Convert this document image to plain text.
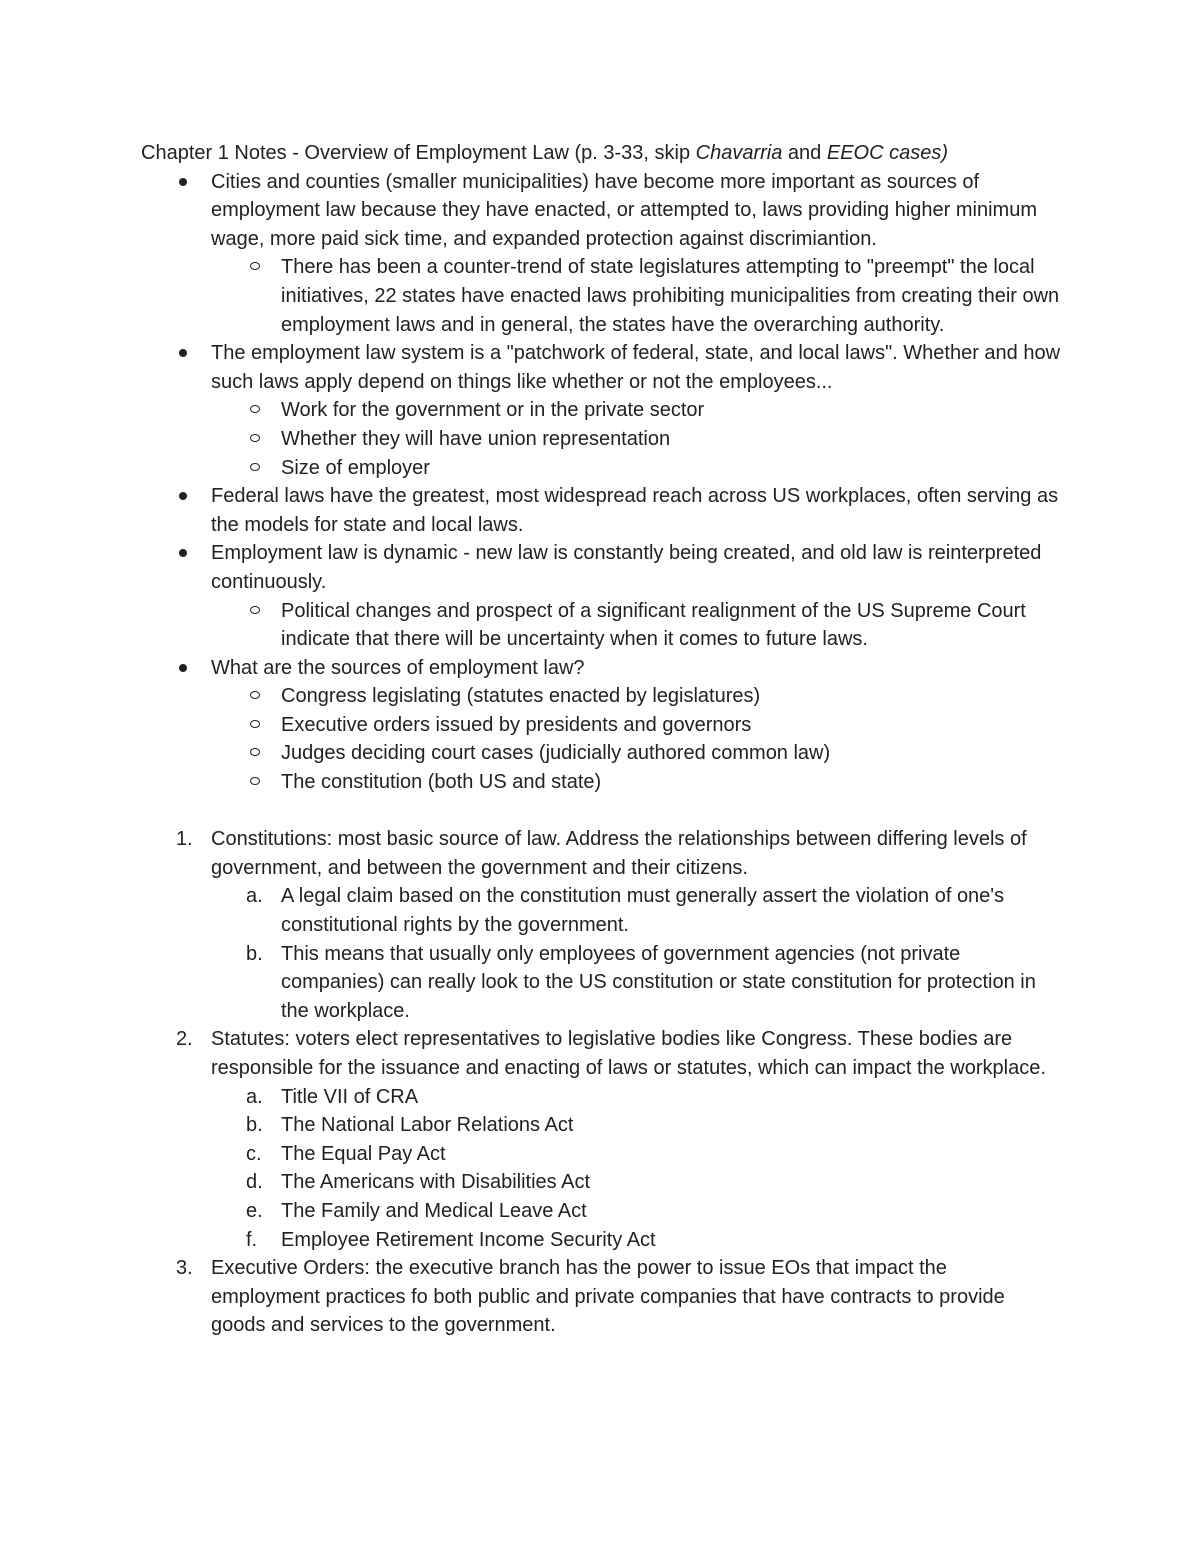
Chapter 1 Notes - Overview of Employment Law (p. 3-33, skip Chavarria and EEOC cases)

Cities and counties (smaller municipalities) have become more important as sources of employment law because they have enacted, or attempted to, laws providing higher minimum wage, more paid sick time, and expanded protection against discrimiantion.
There has been a counter-trend of state legislatures attempting to "preempt" the local initiatives, 22 states have enacted laws prohibiting municipalities from creating their own employment laws and in general, the states have the overarching authority.
The employment law system is a "patchwork of federal, state, and local laws". Whether and how such laws apply depend on things like whether or not the employees...
Work for the government or in the private sector
Whether they will have union representation
Size of employer
Federal laws have the greatest, most widespread reach across US workplaces, often serving as the models for state and local laws.
Employment law is dynamic - new law is constantly being created, and old law is reinterpreted continuously.
Political changes and prospect of a significant realignment of the US Supreme Court indicate that there will be uncertainty when it comes to future laws.
What are the sources of employment law?
Congress legislating (statutes enacted by legislatures)
Executive orders issued by presidents and governors
Judges deciding court cases (judicially authored common law)
The constitution (both US and state)
1. Constitutions: most basic source of law. Address the relationships between differing levels of government, and between the government and their citizens.
a. A legal claim based on the constitution must generally assert the violation of one's constitutional rights by the government.
b. This means that usually only employees of government agencies (not private companies) can really look to the US constitution or state constitution for protection in the workplace.
2. Statutes: voters elect representatives to legislative bodies like Congress. These bodies are responsible for the issuance and enacting of laws or statutes, which can impact the workplace.
a. Title VII of CRA
b. The National Labor Relations Act
c. The Equal Pay Act
d. The Americans with Disabilities Act
e. The Family and Medical Leave Act
f.	Employee Retirement Income Security Act
3. Executive Orders: the executive branch has the power to issue EOs that impact the employment practices fo both public and private companies that have contracts to provide goods and services to the government.
